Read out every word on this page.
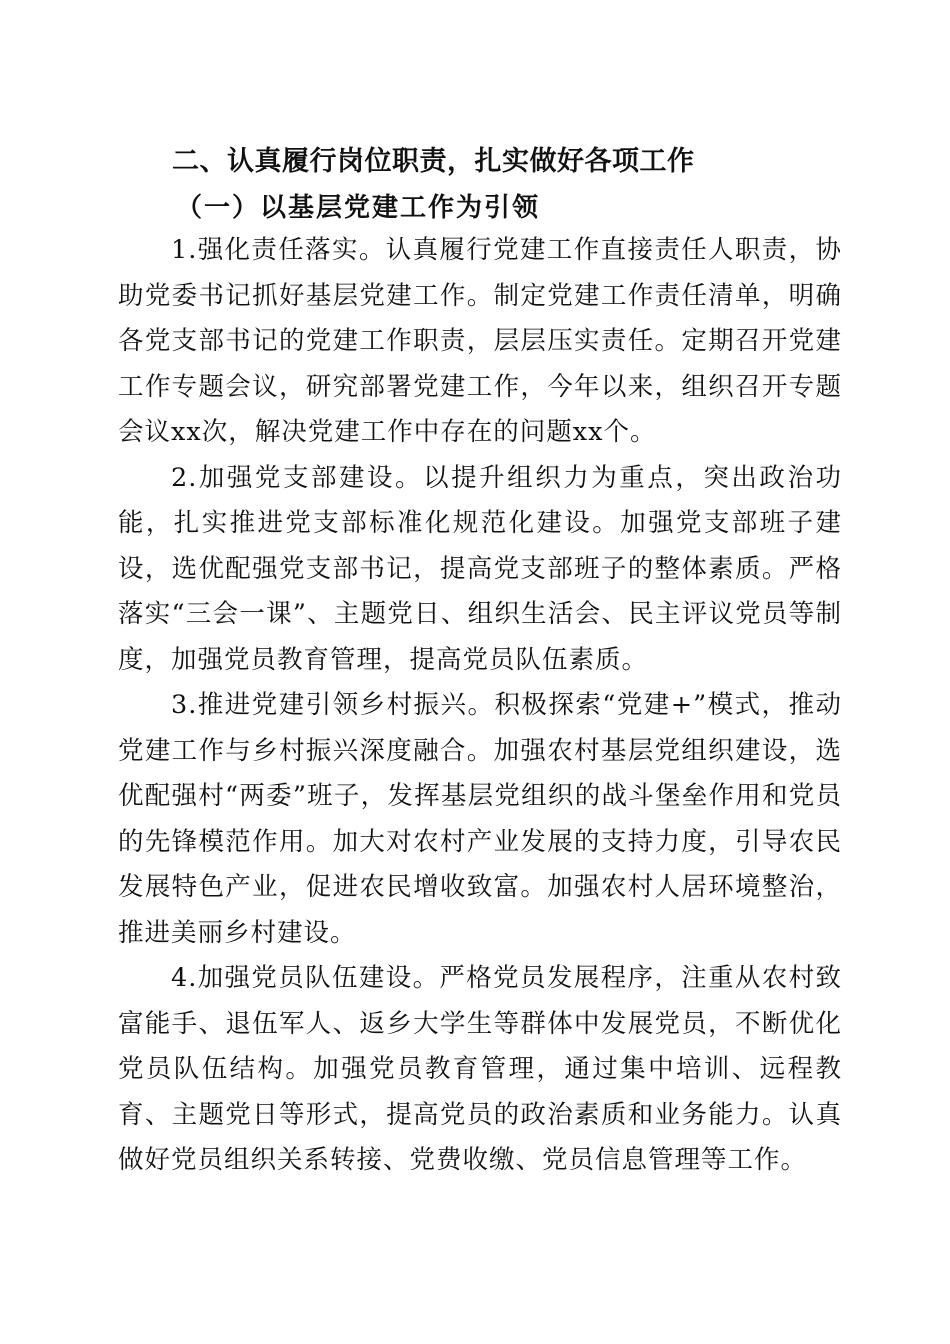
二、认真履行岗位职责，扎实做好各项工作
（一）以基层党建工作为引领

1.强化责任落实。认真履行党建工作直接责任人职责，协助党委书记抓好基层党建工作。制定党建工作责任清单，明确各党支部书记的党建工作职责，层层压实责任。定期召开党建工作专题会议，研究部署党建工作，今年以来，组织召开专题会议xx次，解决党建工作中存在的问题xx个。

2.加强党支部建设。以提升组织力为重点，突出政治功能，扎实推进党支部标准化规范化建设。加强党支部班子建设，选优配强党支部书记，提高党支部班子的整体素质。严格落实“三会一课”、主题党日、组织生活会、民主评议党员等制度，加强党员教育管理，提高党员队伍素质。

3.推进党建引领乡村振兴。积极探索“党建+”模式，推动党建工作与乡村振兴深度融合。加强农村基层党组织建设，选优配强村“两委”班子，发挥基层党组织的战斗堡垒作用和党员的先锋模范作用。加大对农村产业发展的支持力度，引导农民发展特色产业，促进农民增收致富。加强农村人居环境整治，推进美丽乡村建设。

4.加强党员队伍建设。严格党员发展程序，注重从农村致富能手、退伍军人、返乡大学生等群体中发展党员，不断优化党员队伍结构。加强党员教育管理，通过集中培训、远程教育、主题党日等形式，提高党员的政治素质和业务能力。认真做好党员组织关系转接、党费收缴、党员信息管理等工作。
